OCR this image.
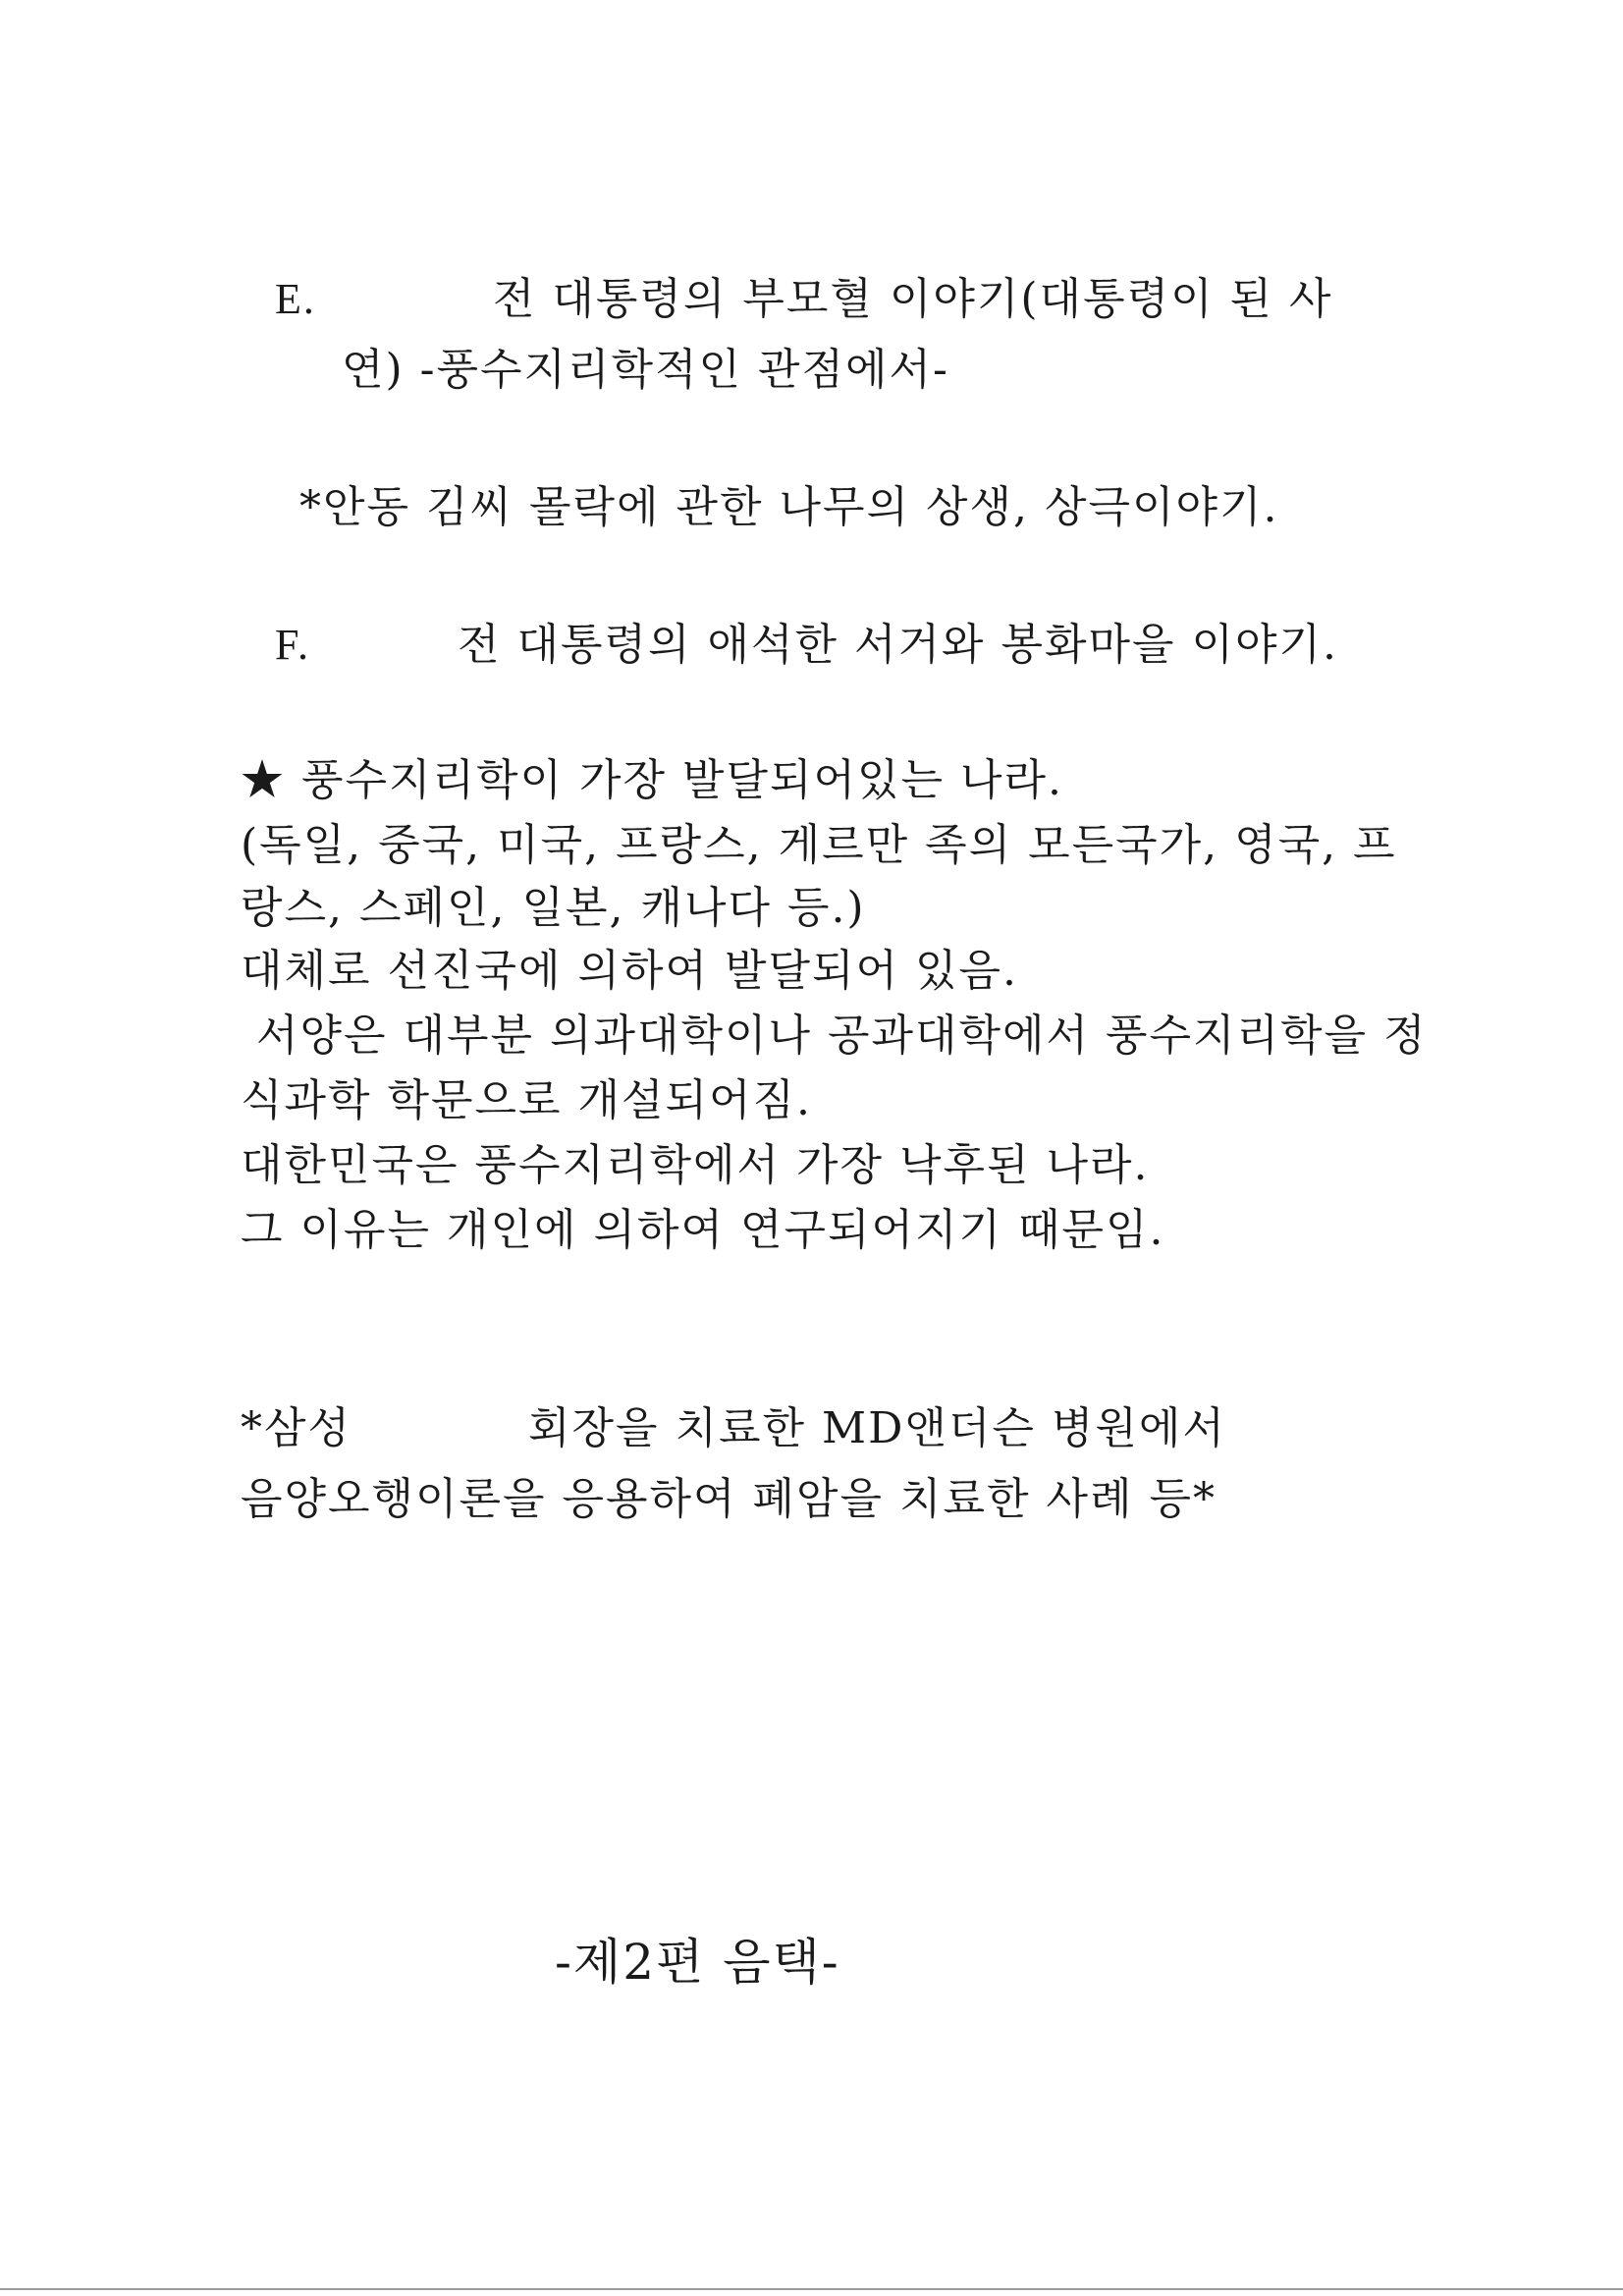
E.	전 대통령의 부모혈 이야기(대통령이 된 사
연) -풍수지리학적인 관점에서-
*안동 김씨 몰락에 관한 나무의 상생, 상극이야기.
F.	전 대통령의 애석한 서거와 봉화마을 이야기.
★ 풍수지리학이 가장 발달되어있는 나라.
(독일, 중국, 미국, 프랑스, 게르만 족의 모든국가, 영국, 프
랑스, 스페인, 일본, 캐나다 등.)
대체로 선진국에 의하여 발달되어 있음.
서양은 대부분 의과대학이나 공과대학에서 풍수지리학을 정
식과학 학문으로 개설되어짐.
대한민국은 풍수지리학에서 가장 낙후된 나라.
그 이유는 개인에 의하여 연구되어지기 때문임.
*삼성	회장을 치료한 MD앤더슨 병원에서
음양오행이론을 응용하여 폐암을 치료한 사례 등*
-제2편 음택-
